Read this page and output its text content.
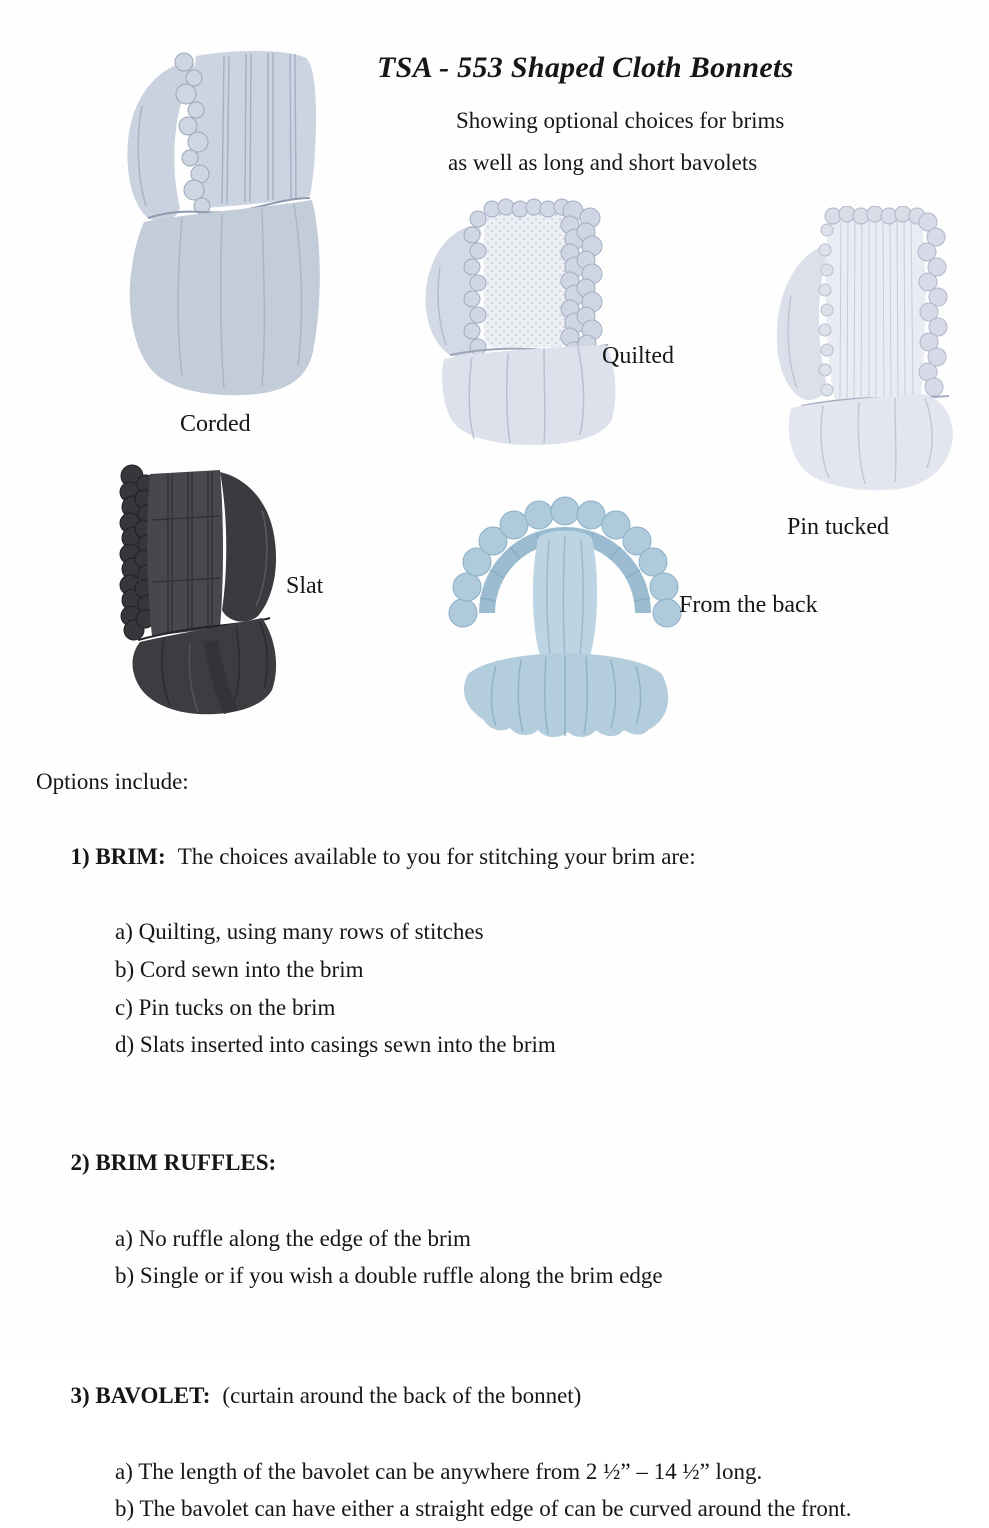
TSA - 553 Shaped Cloth Bonnets
Showing optional choices for brims
as well as long and short bavolets
Corded
Quilted
Pin tucked
Slat
From the back
Options include:

1) BRIM: The choices available to you for stitching your brim are:

a) Quilting, using many rows of stitches
b) Cord sewn into the brim
c) Pin tucks on the brim
d) Slats inserted into casings sewn into the brim

2) BRIM RUFFLES:

a) No ruffle along the edge of the brim
b) Single or if you wish a double ruffle along the brim edge

3) BAVOLET: (curtain around the back of the bonnet)

a) The length of the bavolet can be anywhere from 2 ½” – 14 ½” long.
b) The bavolet can have either a straight edge of can be curved around the front.
